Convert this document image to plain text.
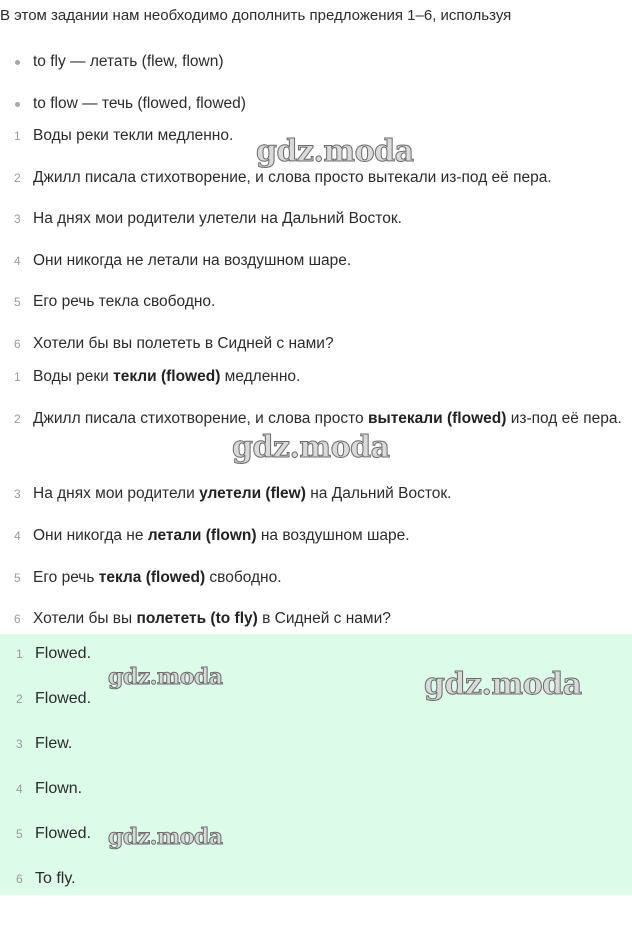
В этом задании нам необходимо дополнить предложения 1–6, используя
to fly — летать (flew, flown)
to flow — течь (flowed, flowed)
1 Воды реки текли медленно.
2 Джилл писала стихотворение, и слова просто вытекали из-под её пера.
3 На днях мои родители улетели на Дальний Восток.
4 Они никогда не летали на воздушном шаре.
5 Его речь текла свободно.
6 Хотели бы вы полететь в Сидней с нами?
1 Воды реки текли (flowed) медленно.
2 Джилл писала стихотворение, и слова просто вытекали (flowed) из-под её пера.
3 На днях мои родители улетели (flew) на Дальний Восток.
4 Они никогда не летали (flown) на воздушном шаре.
5 Его речь текла (flowed) свободно.
6 Хотели бы вы полететь (to fly) в Сидней с нами?
1 Flowed.
2 Flowed.
3 Flew.
4 Flown.
5 Flowed.
6 To fly.
gdz.moda
gdz.moda
gdz.moda	gdz.moda
gdz.moda
